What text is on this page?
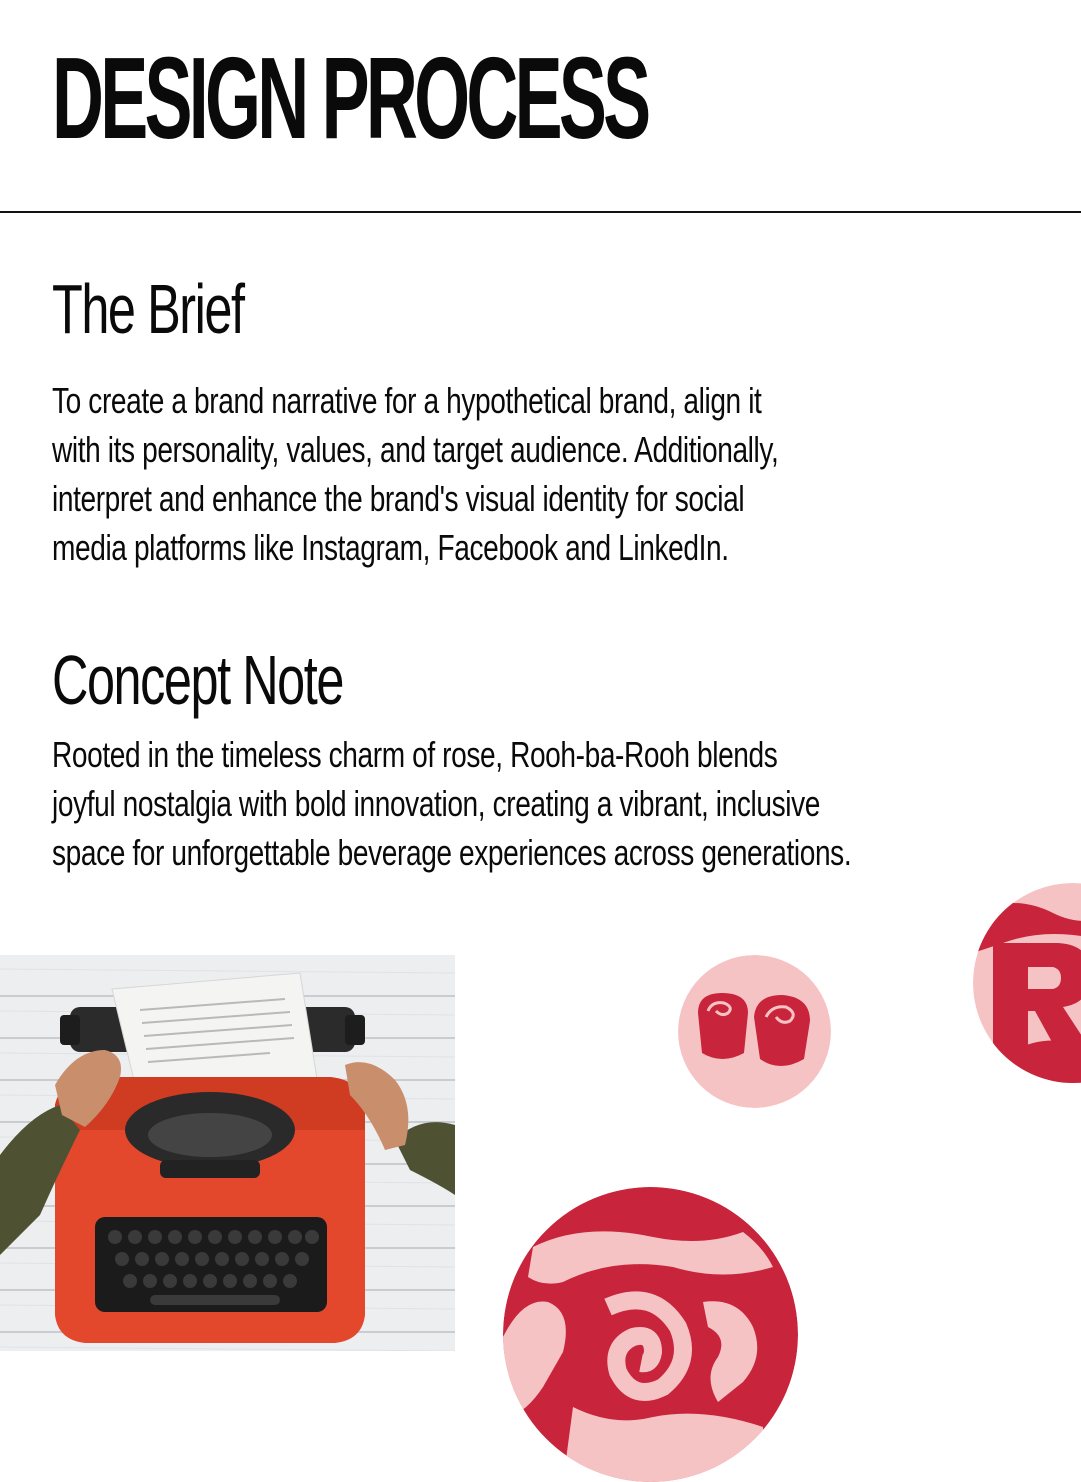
DESIGN PROCESS
The Brief

To create a brand narrative for a hypothetical brand, align it
with its personality, values, and target audience. Additionally,
interpret and enhance the brand's visual identity for social
media platforms like Instagram, Facebook and LinkedIn.

Concept Note

Rooted in the timeless charm of rose, Rooh-ba-Rooh blends
joyful nostalgia with bold innovation, creating a vibrant, inclusive
space for unforgettable beverage experiences across generations.
